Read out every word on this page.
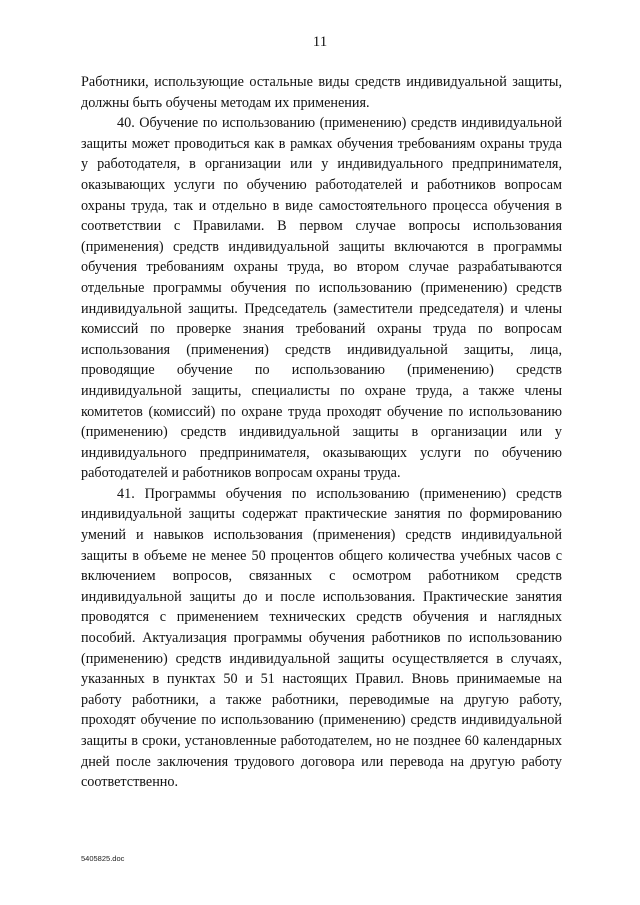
11

Работники, использующие остальные виды средств индивидуальной защиты, должны быть обучены методам их применения.

40. Обучение по использованию (применению) средств индивидуальной защиты может проводиться как в рамках обучения требованиям охраны труда у работодателя, в организации или у индивидуального предпринимателя, оказывающих услуги по обучению работодателей и работников вопросам охраны труда, так и отдельно в виде самостоятельного процесса обучения в соответствии с Правилами. В первом случае вопросы использования (применения) средств индивидуальной защиты включаются в программы обучения требованиям охраны труда, во втором случае разрабатываются отдельные программы обучения по использованию (применению) средств индивидуальной защиты. Председатель (заместители председателя) и члены комиссий по проверке знания требований охраны труда по вопросам использования (применения) средств индивидуальной защиты, лица, проводящие обучение по использованию (применению) средств индивидуальной защиты, специалисты по охране труда, а также члены комитетов (комиссий) по охране труда проходят обучение по использованию (применению) средств индивидуальной защиты в организации или у индивидуального предпринимателя, оказывающих услуги по обучению работодателей и работников вопросам охраны труда.

41. Программы обучения по использованию (применению) средств индивидуальной защиты содержат практические занятия по формированию умений и навыков использования (применения) средств индивидуальной защиты в объеме не менее 50 процентов общего количества учебных часов с включением вопросов, связанных с осмотром работником средств индивидуальной защиты до и после использования. Практические занятия проводятся с применением технических средств обучения и наглядных пособий. Актуализация программы обучения работников по использованию (применению) средств индивидуальной защиты осуществляется в случаях, указанных в пунктах 50 и 51 настоящих Правил. Вновь принимаемые на работу работники, а также работники, переводимые на другую работу, проходят обучение по использованию (применению) средств индивидуальной защиты в сроки, установленные работодателем, но не позднее 60 календарных дней после заключения трудового договора или перевода на другую работу соответственно.

5405825.doc
